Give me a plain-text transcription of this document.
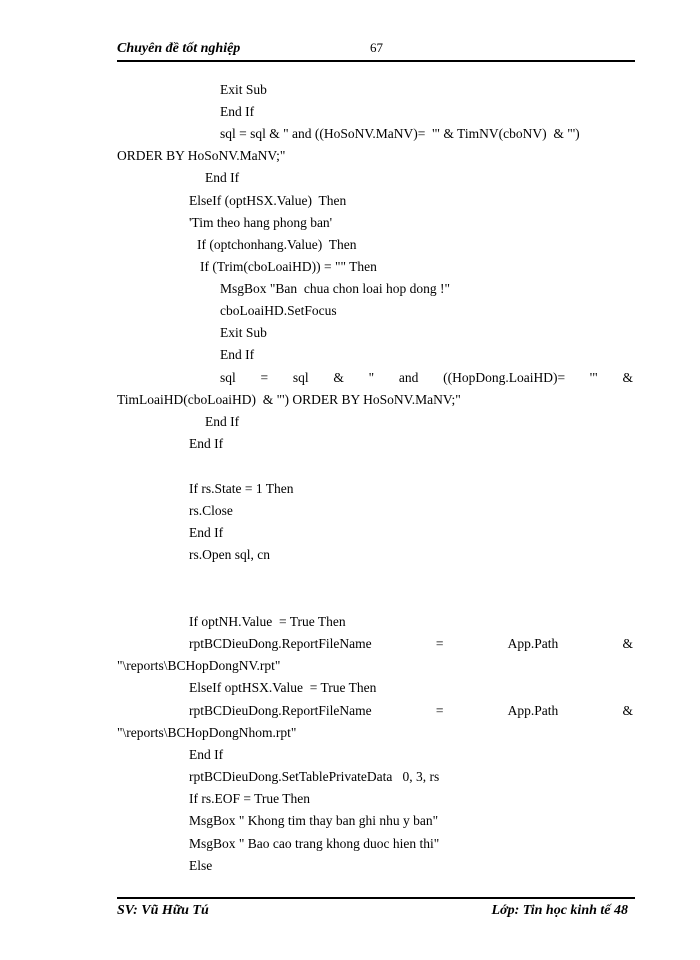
Chuyên đề tốt nghiệp	67
Exit Sub
End If
sql = sql & " and ((HoSoNV.MaNV)=  '" & TimNV(cboNV)  & "')
ORDER BY HoSoNV.MaNV;"
End If
ElseIf (optHSX.Value)  Then
'Tim theo hang phong ban'
If (optchonhang.Value)  Then
If (Trim(cboLoaiHD)) = "" Then
MsgBox "Ban  chua chon loai hop dong !"
cboLoaiHD.SetFocus
Exit Sub
End If
sql = sql & " and ((HopDong.LoaiHD)= '" &
TimLoaiHD(cboLoaiHD)  & "') ORDER BY HoSoNV.MaNV;"
End If
End If
If rs.State = 1 Then
rs.Close
End If
rs.Open sql, cn
If optNH.Value  = True Then
rptBCDieuDong.ReportFileName	=	App.Path	&
"\reports\BCHopDongNV.rpt"
ElseIf optHSX.Value  = True Then
rptBCDieuDong.ReportFileName	=	App.Path	&
"\reports\BCHopDongNhom.rpt"
End If
rptBCDieuDong.SetTablePrivateData   0, 3, rs
If rs.EOF = True Then
MsgBox " Khong tim thay ban ghi nhu y ban"
MsgBox " Bao cao trang khong duoc hien thi"
Else
SV: Vũ Hữu Tú	Lớp: Tin học kinh tế 48
